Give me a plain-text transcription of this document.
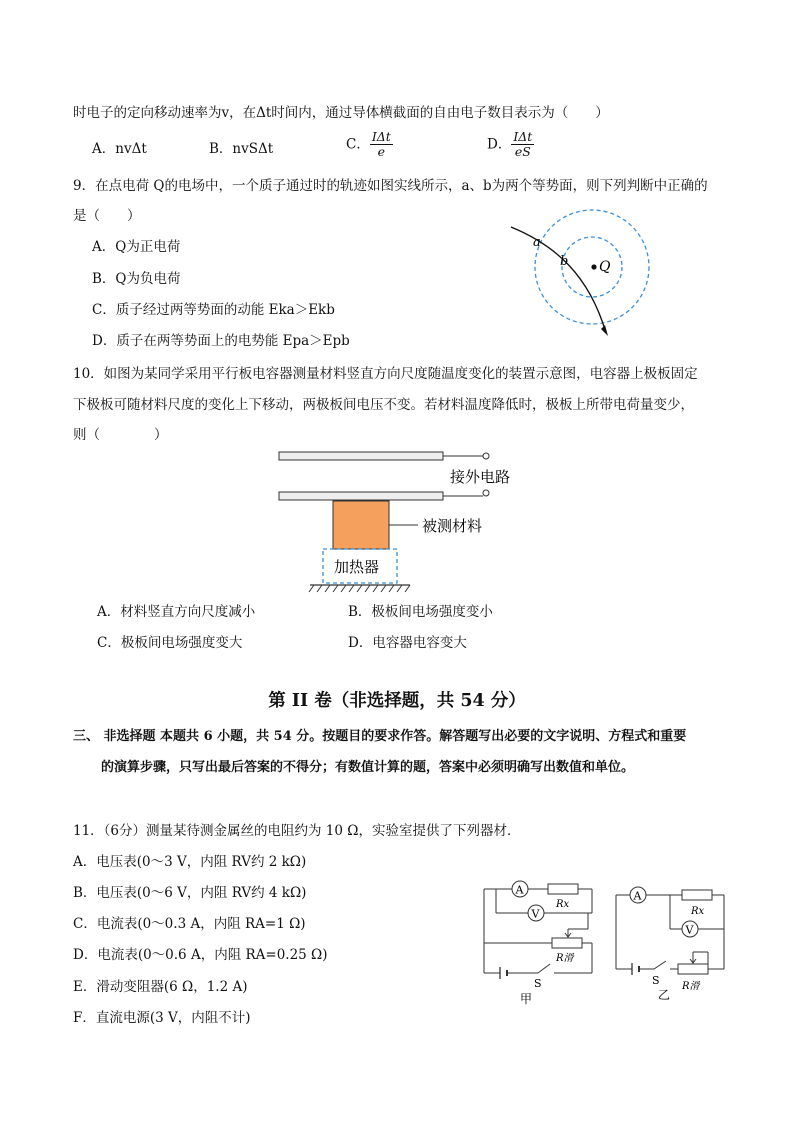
时电子的定向移动速率为v，在Δt时间内，通过导体横截面的自由电子数目表示为（　　）
A．nvΔt	B．nvSΔt	C． $\frac{\text{IΔt}}{e}$	D． $\frac{\text{IΔt}}{eS}$
9．在点电荷 Q的电场中，一个质子通过时的轨迹如图实线所示，a、b为两个等势面，则下列判断中正确的
是（　　）
A．Q为正电荷
B．Q为负电荷
C．质子经过两等势面的动能 Eka＞Ekb
D．质子在两等势面上的电势能 Epa＞Epb
a
b Q
10．如图为某同学采用平行板电容器测量材料竖直方向尺度随温度变化的装置示意图，电容器上极板固定
下极板可随材料尺度的变化上下移动，两极板间电压不变。若材料温度降低时，极板上所带电荷量变少，
则（　　　　）
接外电路
被测材料
加热器
A．材料竖直方向尺度减小	B．极板间电场强度变小
C．极板间电场强度变大	D．电容器电容变大
第 II 卷（非选择题，共 54 分）
三、 非选择题 本题共 6 小题，共 54 分。按题目的要求作答。解答题写出必要的文字说明、方程式和重要
的演算步骤，只写出最后答案的不得分；有数值计算的题，答案中必须明确写出数值和单位。
11．（6分）测量某待测金属丝的电阻约为 10 Ω，实验室提供了下列器材．
A．电压表(0～3 V，内阻 RV约 2 kΩ)
B．电压表(0～6 V，内阻 RV约 4 kΩ)
C．电流表(0～0.3 A，内阻 RA=1 Ω)
D．电流表(0～0.6 A，内阻 RA=0.25 Ω)
E．滑动变阻器(6 Ω，1.2 A)
F．直流电源(3 V，内阻不计)
A
V
Rx
R滑
S
甲
A
V
Rx
R滑
S
乙
